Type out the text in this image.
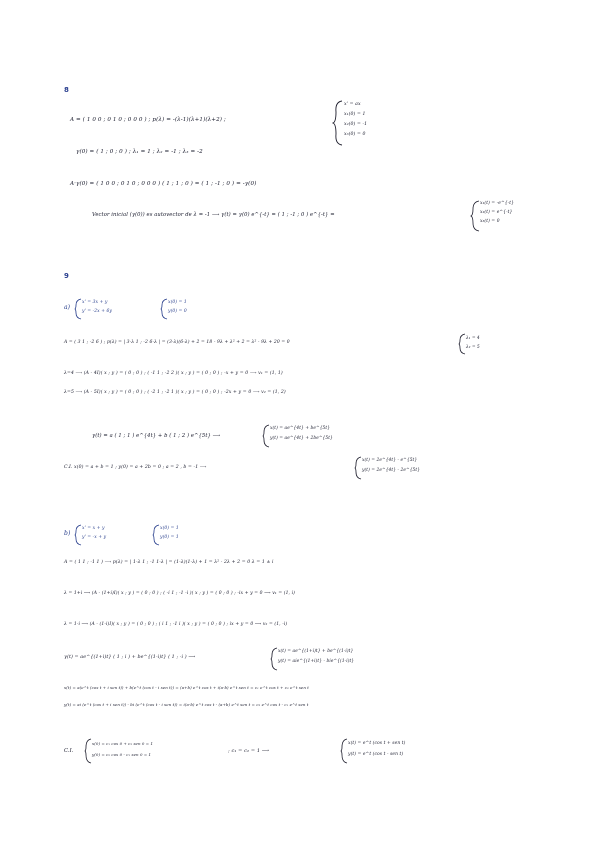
8
A = ( 1 0 0 ; 0 1 0 ; 0 0 0 ) ; p(λ) = -(λ-1)(λ+1)(λ+2) ;
x' = ax
x₁(0) = 1
x₂(0) = -1
x₃(0) = 0
γ(0) = ( 1 ; 0 ; 0 ) ; λ₁ = 1 ; λ₂ = -1 ; λ₃ = -2
A·γ(0) = ( 1 0 0 ; 0 1 0 ; 0 0 0 ) ( 1 ; 1 ; 0 ) = ( 1 ; -1 ; 0 ) = -γ(0)
Vector inicial (γ(0)) es autovector de λ = -1 ⟶ γ(t) = γ(0) e^{-t} = ( 1 ; -1 ; 0 ) e^{-t} =
x₁(t) = -e^{-t}
x₂(t) = e^{-t}
x₃(t) = 0
9
a)
x' = 3x + y
y' = -2x + 6y
x(0) = 1
y(0) = 0
A = ( 3 1 ; -2 6 ) ; p(λ) = | 3-λ 1 ; -2 6-λ | = (3-λ)(6-λ) + 2 = 18 - 9λ + λ² + 2 = λ² - 9λ + 20 = 0
λ₁ = 4
λ₂ = 5
λ=4 ⟶ (A - 4I)( x ; y ) = ( 0 ; 0 ) ; ( -1 1 ; -2 2 )( x ; y ) = ( 0 ; 0 ) ; -x + y = 0 ⟶ v₁ = (1, 1)
λ=5 ⟶ (A - 5I)( x ; y ) = ( 0 ; 0 ) ; ( -2 1 ; -2 1 )( x ; y ) = ( 0 ; 0 ) ; -2x + y = 0 ⟶ v₂ = (1, 2)
γ(t) = a ( 1 ; 1 ) e^{4t} + b ( 1 ; 2 ) e^{5t} ⟶
x(t) = ae^{4t} + be^{5t}
y(t) = ae^{4t} + 2be^{5t}
C.I. x(0) = a + b = 1 ; y(0) = a + 2b = 0 ; a = 2 , b = -1 ⟶
x(t) = 2e^{4t} - e^{5t}
y(t) = 2e^{4t} - 2e^{5t}
b)
x' = x + y
y' = -x + y
x(0) = 1
y(0) = 1
A = ( 1 1 ; -1 1 ) ⟶ p(λ) = | 1-λ 1 ; -1 1-λ | = (1-λ)(1-λ) + 1 = λ² - 2λ + 2 = 0 λ = 1 ± i
λ = 1+i ⟶ (A - (1+i)I)( x ; y ) = ( 0 ; 0 ) ; ( -i 1 ; -1 -i )( x ; y ) = ( 0 ; 0 ) ; -ix + y = 0 ⟶ v₁ = (1, i)
λ = 1-i ⟶ (A - (1-i)I)( x ; y ) = ( 0 ; 0 ) ; ( i 1 ; -1 i )( x ; y ) = ( 0 ; 0 ) ; ix + y = 0 ⟶ v₂ = (1, -i)
γ(t) = ae^{(1+i)t} ( 1 ; i ) + be^{(1-i)t} ( 1 ; -i ) ⟶
x(t) = ae^{(1+i)t} + be^{(1-i)t}
y(t) = aie^{(1+i)t} - bie^{(1-i)t}
x(t) = a(e^t (cos t + i sen t)) + b(e^t (cos t - i sen t)) = (a+b) e^t cos t + i(a-b) e^t sen t = c₁ e^t cos t + c₂ e^t sen t
y(t) = ai (e^t (cos t + i sen t)) - bi (e^t (cos t - i sen t)) = i(a-b) e^t cos t - (a+b) e^t sen t = c₂ e^t cos t - c₁ e^t sen t
C.I.
x(0) = c₁ cos 0 + c₂ sen 0 = 1
y(0) = c₂ cos 0 - c₁ sen 0 = 1
; c₁ = c₂ = 1 ⟶
x(t) = e^t (cos t + sen t)
y(t) = e^t (cos t - sen t)
